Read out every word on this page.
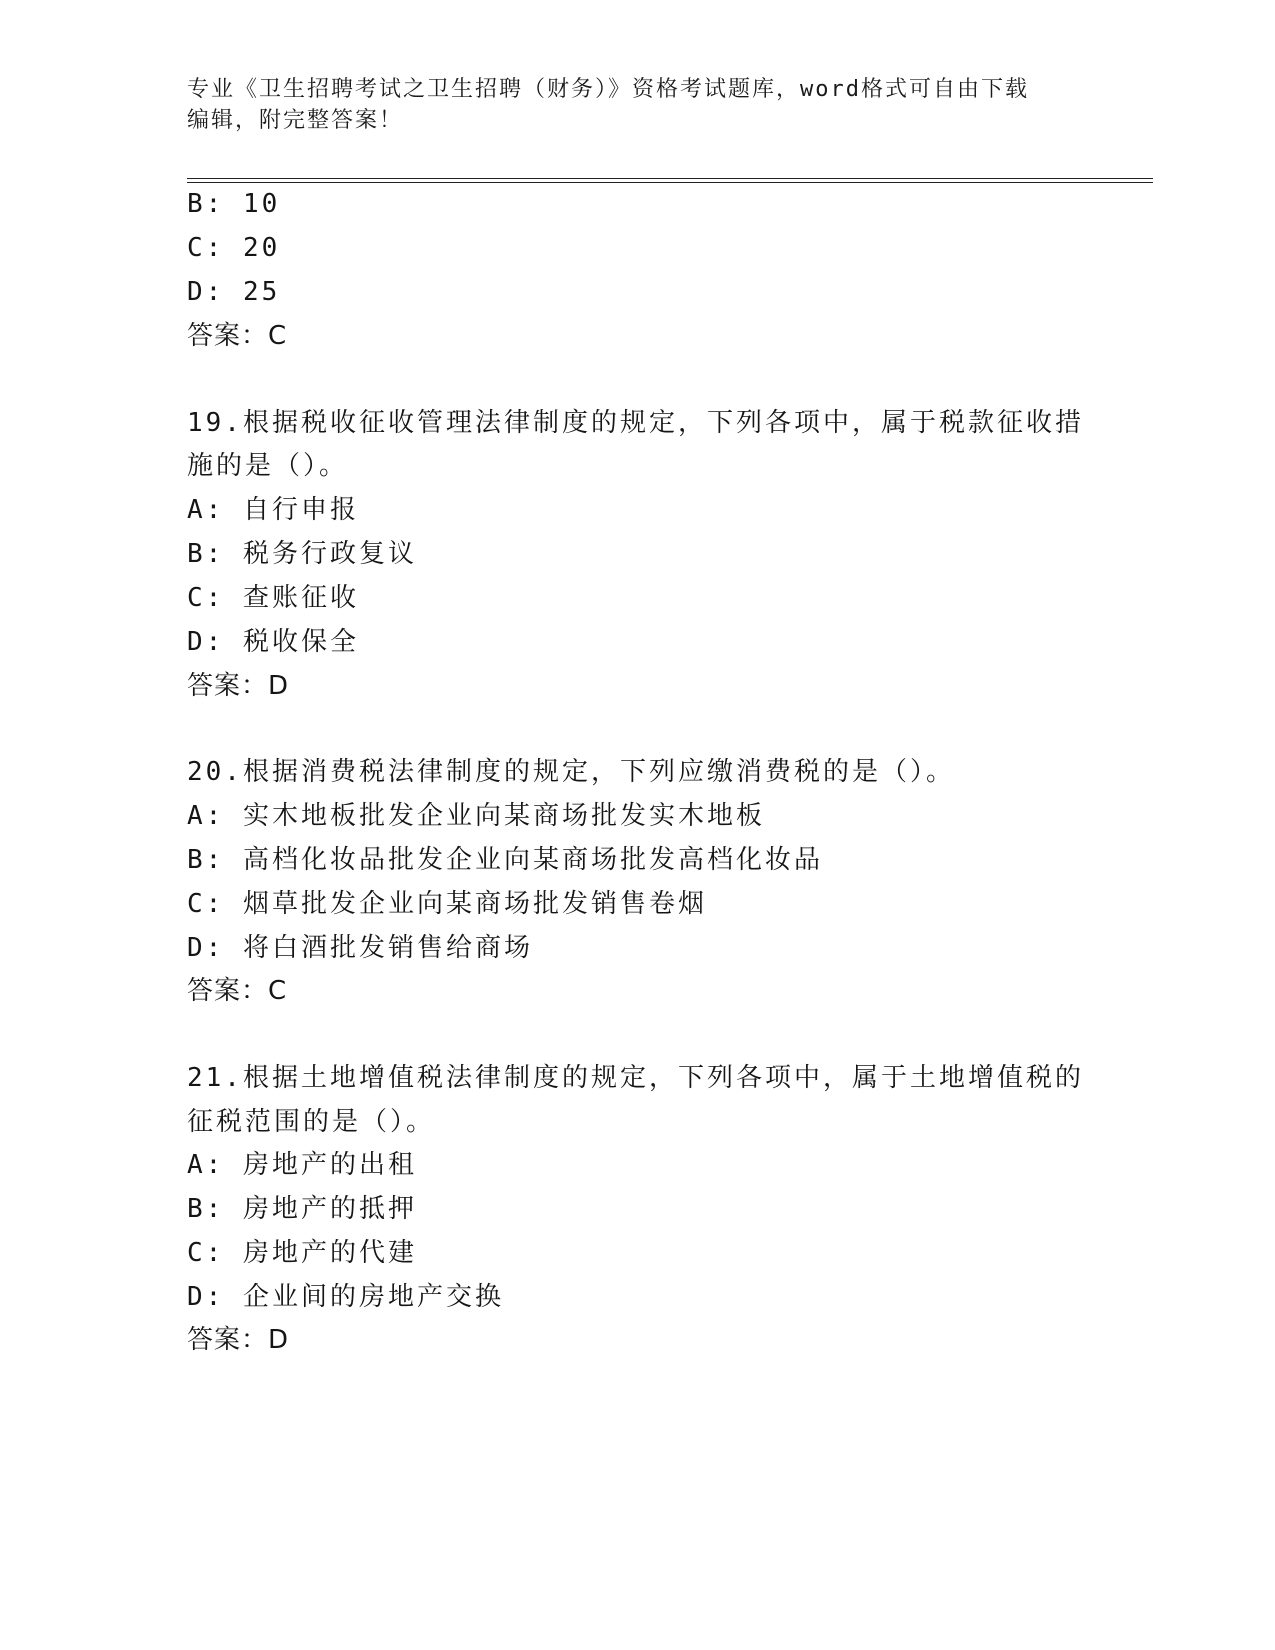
专业《卫生招聘考试之卫生招聘（财务）》资格考试题库，word格式可自由下载
编辑，附完整答案！
B: 10
C: 20
D: 25
答案：C
19.根据税收征收管理法律制度的规定，下列各项中，属于税款征收措
施的是（）。
A: 自行申报
B: 税务行政复议
C: 查账征收
D: 税收保全
答案：D
20.根据消费税法律制度的规定，下列应缴消费税的是（）。
A: 实木地板批发企业向某商场批发实木地板
B: 高档化妆品批发企业向某商场批发高档化妆品
C: 烟草批发企业向某商场批发销售卷烟
D: 将白酒批发销售给商场
答案：C
21.根据土地增值税法律制度的规定，下列各项中，属于土地增值税的
征税范围的是（）。
A: 房地产的出租
B: 房地产的抵押
C: 房地产的代建
D: 企业间的房地产交换
答案：D
